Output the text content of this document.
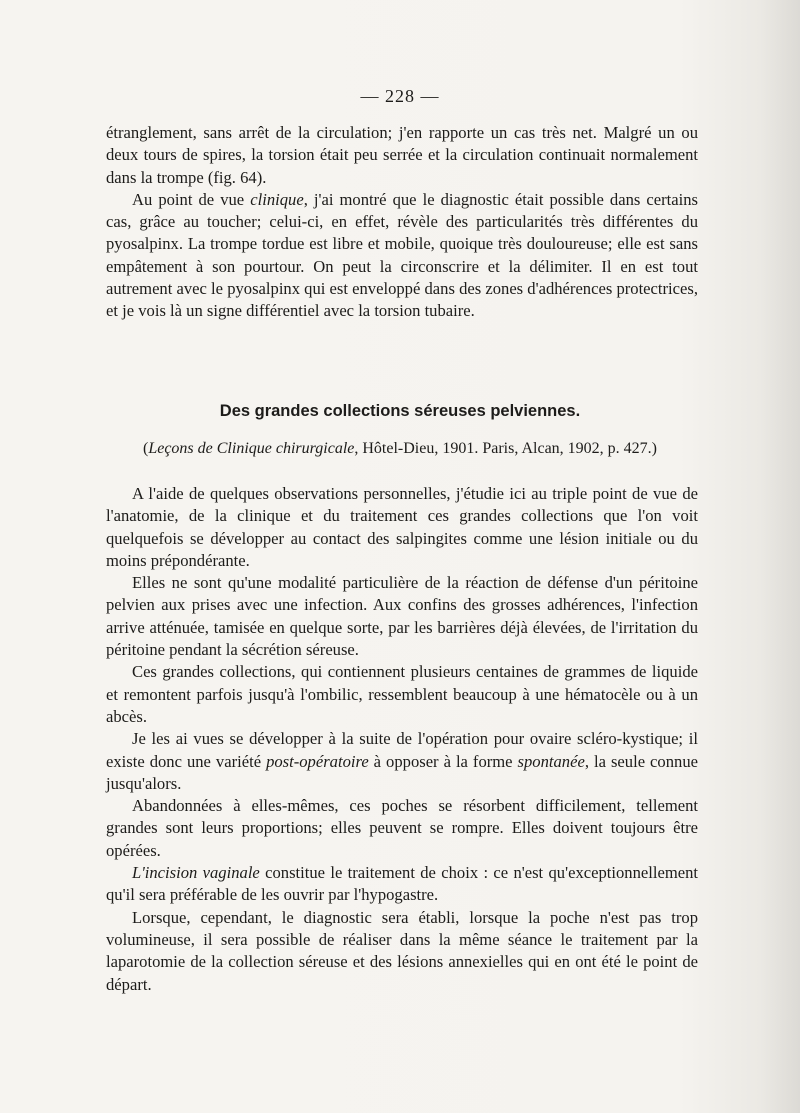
— 228 —

étranglement, sans arrêt de la circulation; j'en rapporte un cas très net. Malgré un ou deux tours de spires, la torsion était peu serrée et la circulation continuait normalement dans la trompe (fig. 64).

Au point de vue clinique, j'ai montré que le diagnostic était possible dans certains cas, grâce au toucher; celui-ci, en effet, révèle des particularités très différentes du pyosalpinx. La trompe tordue est libre et mobile, quoique très douloureuse; elle est sans empâtement à son pourtour. On peut la circonscrire et la délimiter. Il en est tout autrement avec le pyosalpinx qui est enveloppé dans des zones d'adhérences protectrices, et je vois là un signe différentiel avec la torsion tubaire.

Des grandes collections séreuses pelviennes.
(Leçons de Clinique chirurgicale, Hôtel-Dieu, 1901. Paris, Alcan, 1902, p. 427.)

A l'aide de quelques observations personnelles, j'étudie ici au triple point de vue de l'anatomie, de la clinique et du traitement ces grandes collections que l'on voit quelquefois se développer au contact des salpingites comme une lésion initiale ou du moins prépondérante.

Elles ne sont qu'une modalité particulière de la réaction de défense d'un péritoine pelvien aux prises avec une infection. Aux confins des grosses adhérences, l'infection arrive atténuée, tamisée en quelque sorte, par les barrières déjà élevées, de l'irritation du péritoine pendant la sécrétion séreuse.

Ces grandes collections, qui contiennent plusieurs centaines de grammes de liquide et remontent parfois jusqu'à l'ombilic, ressemblent beaucoup à une hématocèle ou à un abcès.

Je les ai vues se développer à la suite de l'opération pour ovaire scléro-kystique; il existe donc une variété post-opératoire à opposer à la forme spontanée, la seule connue jusqu'alors.

Abandonnées à elles-mêmes, ces poches se résorbent difficilement, tellement grandes sont leurs proportions; elles peuvent se rompre. Elles doivent toujours être opérées.

L'incision vaginale constitue le traitement de choix : ce n'est qu'exceptionnellement qu'il sera préférable de les ouvrir par l'hypogastre.

Lorsque, cependant, le diagnostic sera établi, lorsque la poche n'est pas trop volumineuse, il sera possible de réaliser dans la même séance le traitement par la laparotomie de la collection séreuse et des lésions annexielles qui en ont été le point de départ.
